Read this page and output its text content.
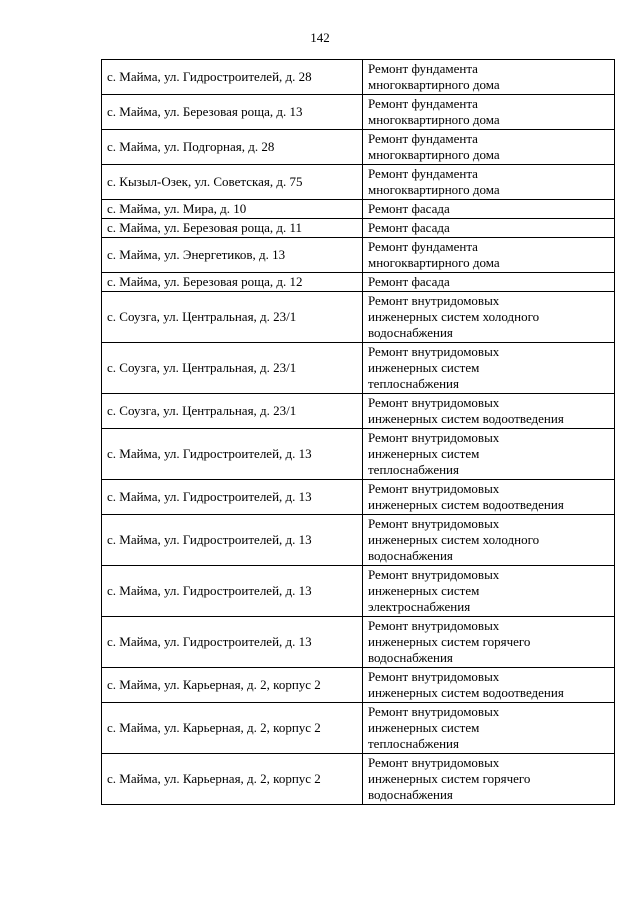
142
с. Майма, ул. Гидростроителей, д. 28	Ремонт фундамента
многоквартирного дома

с. Майма, ул. Березовая роща, д. 13	Ремонт фундамента
многоквартирного дома

с. Майма, ул. Подгорная, д. 28	Ремонт фундамента
многоквартирного дома

с. Кызыл-Озек, ул. Советская, д. 75	Ремонт фундамента
многоквартирного дома

с. Майма, ул. Мира, д. 10	Ремонт фасада

с. Майма, ул. Березовая роща, д. 11	Ремонт фасада

с. Майма, ул. Энергетиков, д. 13	Ремонт фундамента
многоквартирного дома

с. Майма, ул. Березовая роща, д. 12	Ремонт фасада

с. Соузга, ул. Центральная, д. 23/1	Ремонт внутридомовых
инженерных систем холодного
водоснабжения

с. Соузга, ул. Центральная, д. 23/1	Ремонт внутридомовых
инженерных систем
теплоснабжения

с. Соузга, ул. Центральная, д. 23/1	Ремонт внутридомовых
инженерных систем водоотведения

с. Майма, ул. Гидростроителей, д. 13	Ремонт внутридомовых
инженерных систем
теплоснабжения

с. Майма, ул. Гидростроителей, д. 13	Ремонт внутридомовых
инженерных систем водоотведения

с. Майма, ул. Гидростроителей, д. 13	Ремонт внутридомовых
инженерных систем холодного
водоснабжения

с. Майма, ул. Гидростроителей, д. 13	Ремонт внутридомовых
инженерных систем
электроснабжения

с. Майма, ул. Гидростроителей, д. 13	Ремонт внутридомовых
инженерных систем горячего
водоснабжения

с. Майма, ул. Карьерная, д. 2, корпус 2	Ремонт внутридомовых
инженерных систем водоотведения

с. Майма, ул. Карьерная, д. 2, корпус 2	Ремонт внутридомовых
инженерных систем
теплоснабжения

с. Майма, ул. Карьерная, д. 2, корпус 2	Ремонт внутридомовых
инженерных систем горячего
водоснабжения
